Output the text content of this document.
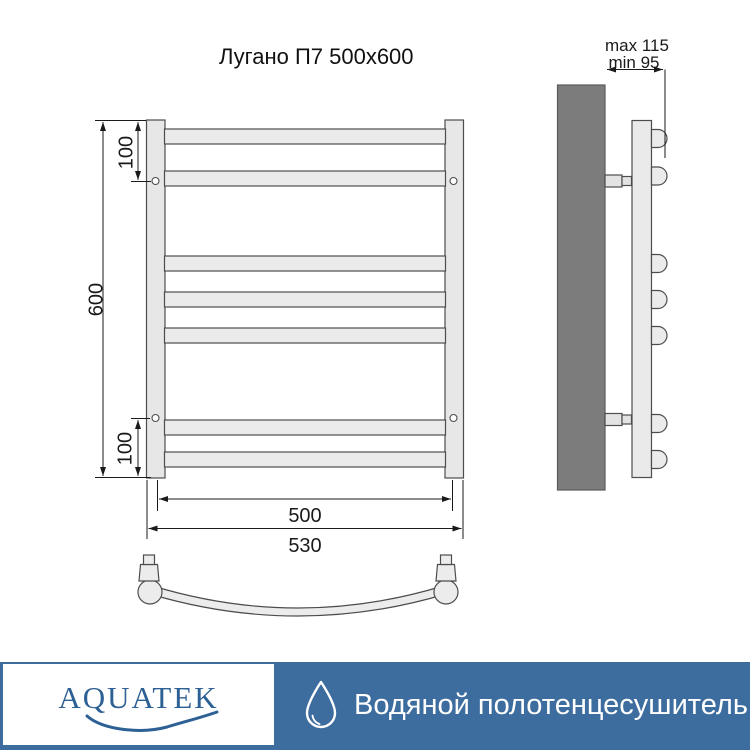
Лугано П7 500x600
600
100
100
500
530
max 115
min 95
AQUATEK	Водяной полотенцесушитель
